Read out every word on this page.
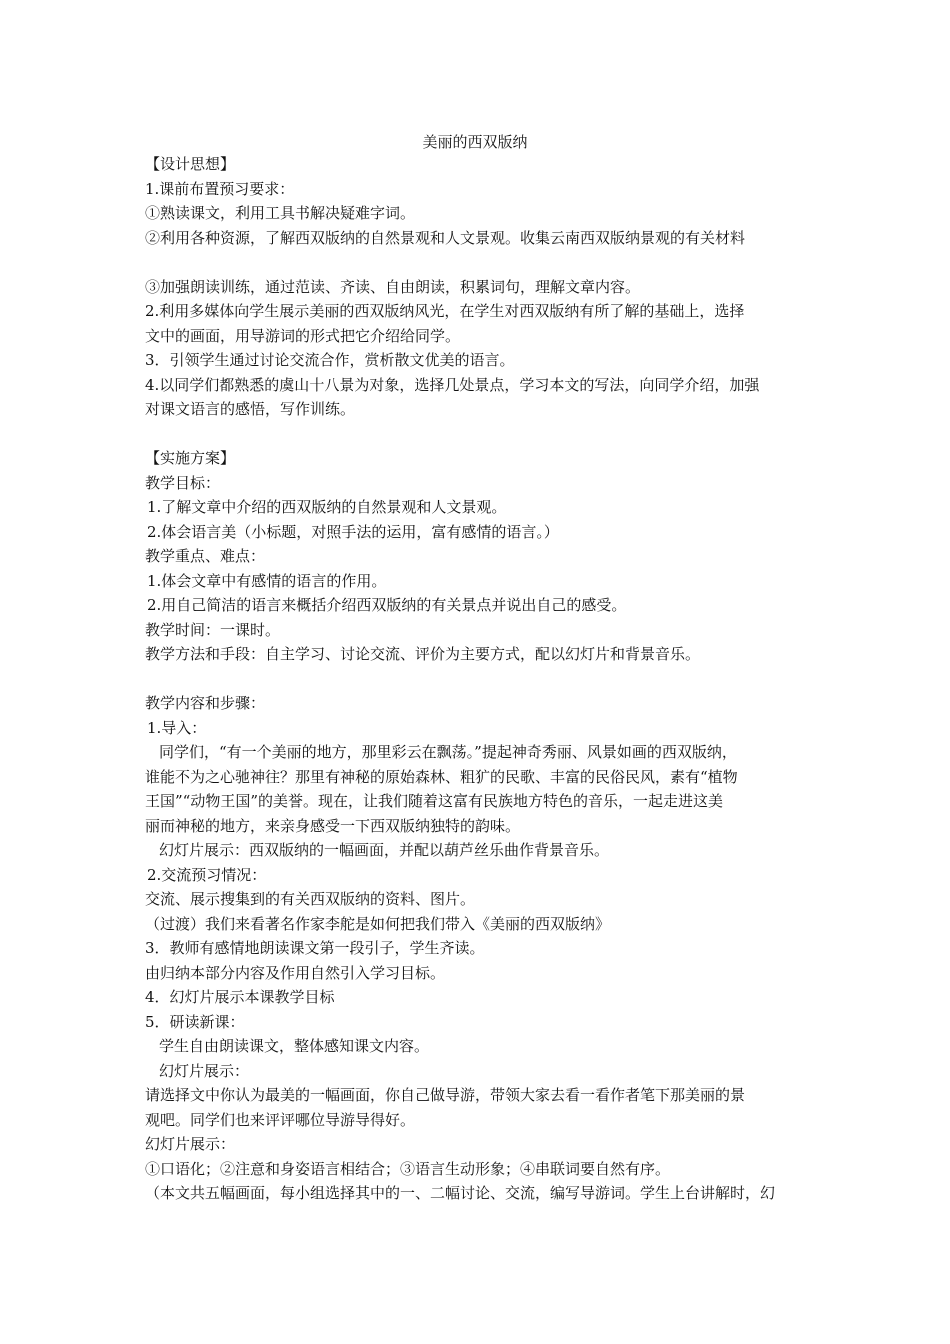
美丽的西双版纳
【设计思想】
1.课前布置预习要求：
①熟读课文，利用工具书解决疑难字词。
②利用各种资源，了解西双版纳的自然景观和人文景观。收集云南西双版纳景观的有关材料
③加强朗读训练，通过范读、齐读、自由朗读，积累词句，理解文章内容。
2.利用多媒体向学生展示美丽的西双版纳风光，在学生对西双版纳有所了解的基础上，选择
文中的画面，用导游词的形式把它介绍给同学。
3．引领学生通过讨论交流合作，赏析散文优美的语言。
4.以同学们都熟悉的虞山十八景为对象，选择几处景点，学习本文的写法，向同学介绍，加强
对课文语言的感悟，写作训练。
【实施方案】
教学目标：
1.了解文章中介绍的西双版纳的自然景观和人文景观。
2.体会语言美（小标题，对照手法的运用，富有感情的语言。）
教学重点、难点：
1.体会文章中有感情的语言的作用。
2.用自己简洁的语言来概括介绍西双版纳的有关景点并说出自己的感受。
教学时间：一课时。
教学方法和手段：自主学习、讨论交流、评价为主要方式，配以幻灯片和背景音乐。
教学内容和步骤：
1.导入：
同学们，“有一个美丽的地方，那里彩云在飘荡。”提起神奇秀丽、风景如画的西双版纳，
谁能不为之心驰神往？那里有神秘的原始森林、粗犷的民歌、丰富的民俗民风，素有“植物
王国”“动物王国”的美誉。现在，让我们随着这富有民族地方特色的音乐，一起走进这美
丽而神秘的地方，来亲身感受一下西双版纳独特的韵味。
幻灯片展示：西双版纳的一幅画面，并配以葫芦丝乐曲作背景音乐。
2.交流预习情况：
交流、展示搜集到的有关西双版纳的资料、图片。
（过渡）我们来看著名作家李舵是如何把我们带入《美丽的西双版纳》
3．教师有感情地朗读课文第一段引子，学生齐读。
由归纳本部分内容及作用自然引入学习目标。
4．幻灯片展示本课教学目标
5．研读新课：
学生自由朗读课文，整体感知课文内容。
幻灯片展示：
请选择文中你认为最美的一幅画面，你自己做导游，带领大家去看一看作者笔下那美丽的景
观吧。同学们也来评评哪位导游导得好。
幻灯片展示：
①口语化；②注意和身姿语言相结合；③语言生动形象；④串联词要自然有序。
（本文共五幅画面，每小组选择其中的一、二幅讨论、交流，编写导游词。学生上台讲解时，幻
